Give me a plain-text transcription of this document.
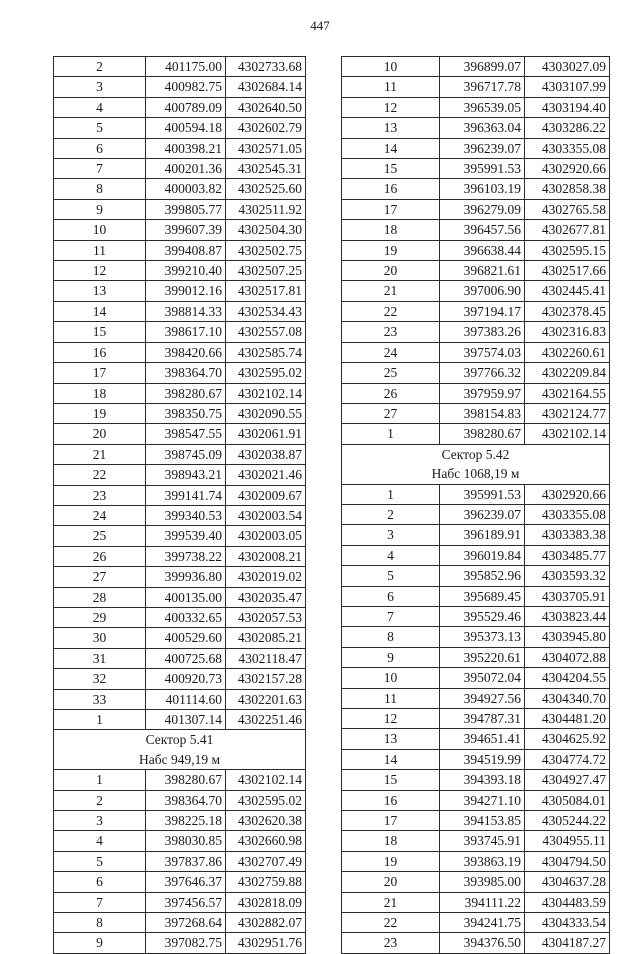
447
2	401175.00	4302733.68
3	400982.75	4302684.14
4	400789.09	4302640.50
5	400594.18	4302602.79
6	400398.21	4302571.05
7	400201.36	4302545.31
8	400003.82	4302525.60
9	399805.77	4302511.92
10	399607.39	4302504.30
11	399408.87	4302502.75
12	399210.40	4302507.25
13	399012.16	4302517.81
14	398814.33	4302534.43
15	398617.10	4302557.08
16	398420.66	4302585.74
17	398364.70	4302595.02
18	398280.67	4302102.14
19	398350.75	4302090.55
20	398547.55	4302061.91
21	398745.09	4302038.87
22	398943.21	4302021.46
23	399141.74	4302009.67
24	399340.53	4302003.54
25	399539.40	4302003.05
26	399738.22	4302008.21
27	399936.80	4302019.02
28	400135.00	4302035.47
29	400332.65	4302057.53
30	400529.60	4302085.21
31	400725.68	4302118.47
32	400920.73	4302157.28
33	401114.60	4302201.63
1	401307.14	4302251.46

Сектор 5.41
Набс 949,19 м		

1	398280.67	4302102.14
2	398364.70	4302595.02
3	398225.18	4302620.38
4	398030.85	4302660.98
5	397837.86	4302707.49
6	397646.37	4302759.88
7	397456.57	4302818.09
8	397268.64	4302882.07
9	397082.75	4302951.76
10	396899.07	4303027.09
11	396717.78	4303107.99
12	396539.05	4303194.40
13	396363.04	4303286.22
14	396239.07	4303355.08
15	395991.53	4302920.66
16	396103.19	4302858.38
17	396279.09	4302765.58
18	396457.56	4302677.81
19	396638.44	4302595.15
20	396821.61	4302517.66
21	397006.90	4302445.41
22	397194.17	4302378.45
23	397383.26	4302316.83
24	397574.03	4302260.61
25	397766.32	4302209.84
26	397959.97	4302164.55
27	398154.83	4302124.77
1	398280.67	4302102.14

Сектор 5.42
Набс 1068,19 м		

1	395991.53	4302920.66
2	396239.07	4303355.08
3	396189.91	4303383.38
4	396019.84	4303485.77
5	395852.96	4303593.32
6	395689.45	4303705.91
7	395529.46	4303823.44
8	395373.13	4303945.80
9	395220.61	4304072.88
10	395072.04	4304204.55
11	394927.56	4304340.70
12	394787.31	4304481.20
13	394651.41	4304625.92
14	394519.99	4304774.72
15	394393.18	4304927.47
16	394271.10	4305084.01
17	394153.85	4305244.22
18	393745.91	4304955.11
19	393863.19	4304794.50
20	393985.00	4304637.28
21	394111.22	4304483.59
22	394241.75	4304333.54
23	394376.50	4304187.27
